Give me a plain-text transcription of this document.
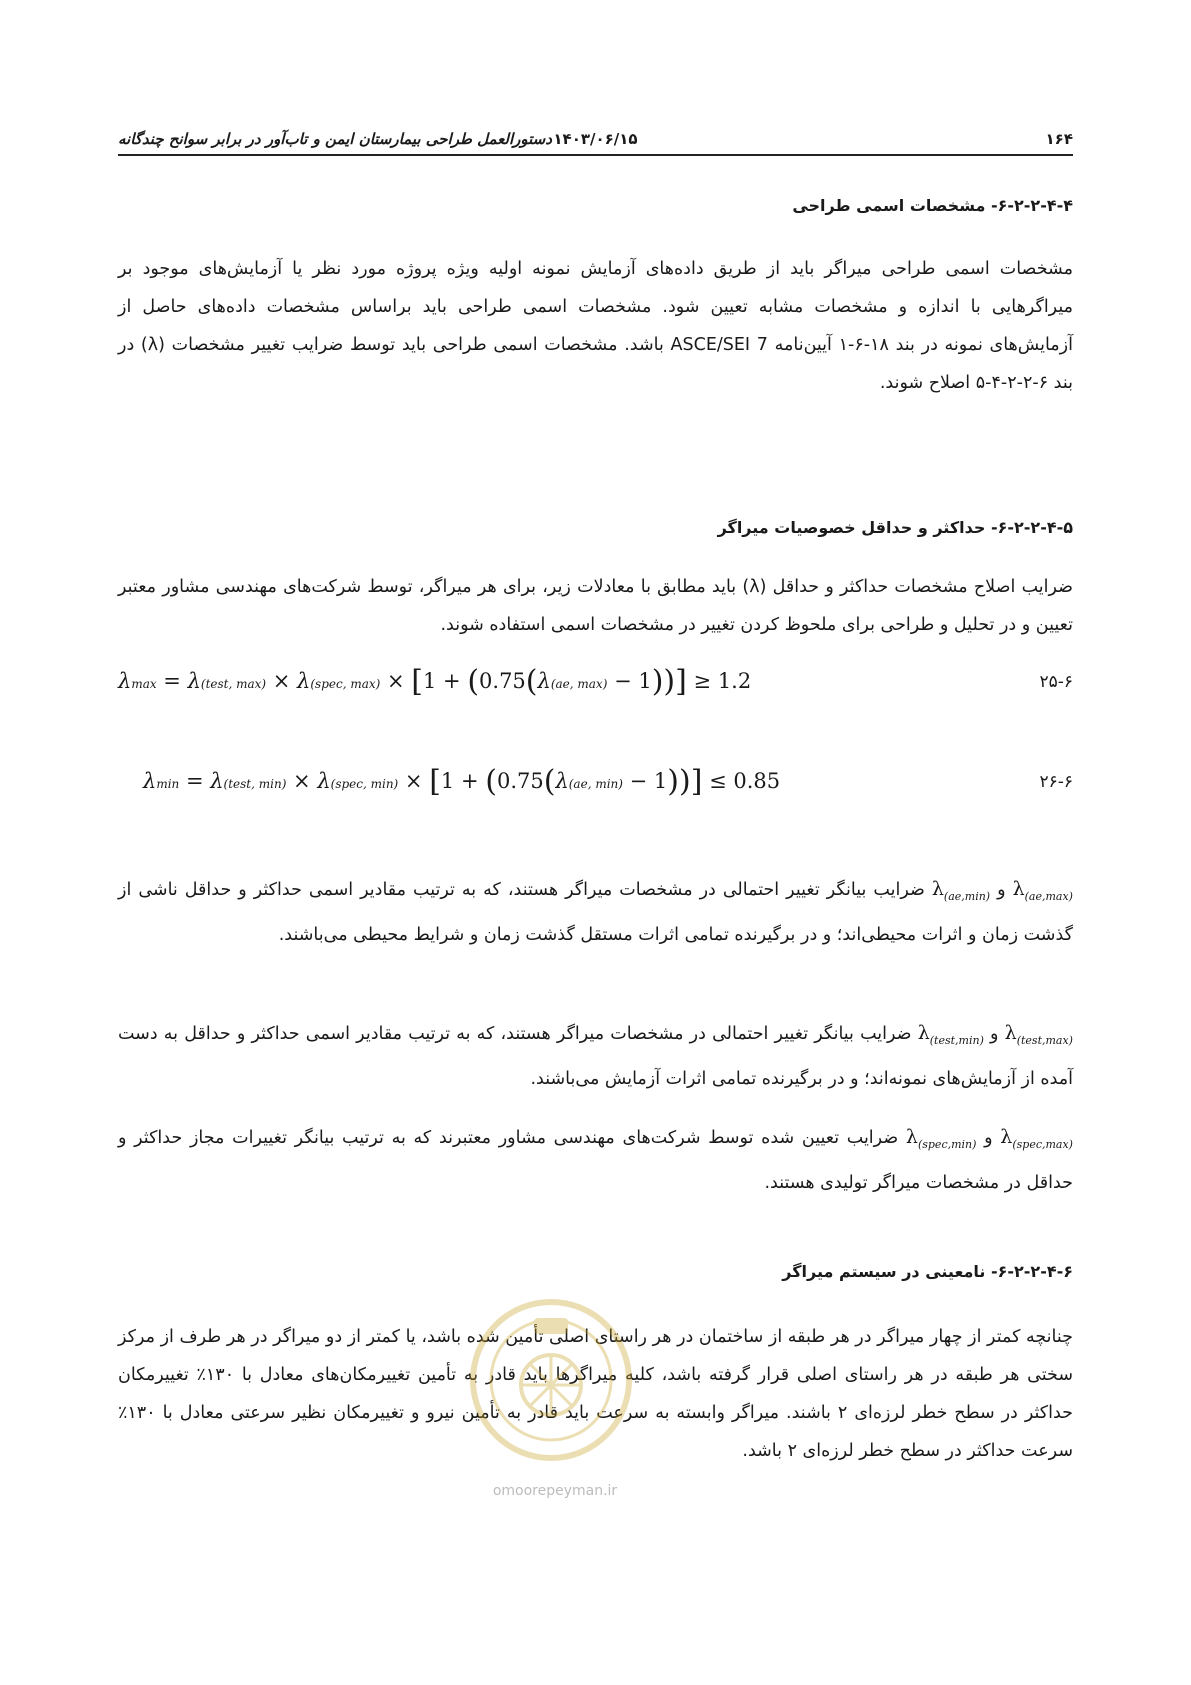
۱۶۴
۱۴۰۳/۰۶/۱۵
دستورالعمل طراحی بیمارستان ایمن و تاب‌آور در برابر سوانح چندگانه
۶-۲-۲-۴-۴- مشخصات اسمی طراحی
مشخصات اسمی طراحی میراگر باید از طریق داده‌های آزمایش نمونه اولیه ویژه پروژه مورد نظر یا آزمایش‌های موجود بر میراگرهایی با اندازه و مشخصات مشابه تعیین شود. مشخصات اسمی طراحی باید براساس مشخصات داده‌های حاصل از آزمایش‌های نمونه در بند ۱۸-۶-۱ آیین‌نامه ASCE/SEI 7 باشد. مشخصات اسمی طراحی باید توسط ضرایب تغییر مشخصات (λ) در بند ۶-۲-۲-۴-۵ اصلاح شوند.
۶-۲-۲-۴-۵- حداکثر و حداقل خصوصیات میراگر
ضرایب اصلاح مشخصات حداکثر و حداقل (λ) باید مطابق با معادلات زیر، برای هر میراگر، توسط شرکت‌های مهندسی مشاور معتبر تعیین و در تحلیل و طراحی برای ملحوظ کردن تغییر در مشخصات اسمی استفاده شوند.
λmax = λ(test, max) × λ(spec, max) × [1 + (0.75(λ(ae, max) − 1))] ≥ 1.2	۲۵-۶
λmin = λ(test, min) × λ(spec, min) × [1 + (0.75(λ(ae, min) − 1))] ≤ 0.85	۲۶-۶
$\lambda_{(ae,max)}$ و $\lambda_{(ae,min)}$ ضرایب بیانگر تغییر احتمالی در مشخصات میراگر هستند، که به ترتیب مقادیر اسمی حداکثر و حداقل ناشی از گذشت زمان و اثرات محیطی‌اند؛ و در برگیرنده تمامی اثرات مستقل گذشت زمان و شرایط محیطی می‌باشند.
$\lambda_{(test,max)}$ و $\lambda_{(test,min)}$ ضرایب بیانگر تغییر احتمالی در مشخصات میراگر هستند، که به ترتیب مقادیر اسمی حداکثر و حداقل به دست آمده از آزمایش‌های نمونه‌اند؛ و در برگیرنده تمامی اثرات آزمایش می‌باشند.
$\lambda_{(spec,max)}$ و $\lambda_{(spec,min)}$ ضرایب تعیین شده توسط شرکت‌های مهندسی مشاور معتبرند که به ترتیب بیانگر تغییرات مجاز حداکثر و حداقل در مشخصات میراگر تولیدی هستند.
۶-۲-۲-۴-۶- نامعینی در سیستم میراگر
چنانچه کمتر از چهار میراگر در هر طبقه از ساختمان در هر راستای اصلی تأمین شده باشد، یا کمتر از دو میراگر در هر طرف از مرکز سختی هر طبقه در هر راستای اصلی قرار گرفته باشد، کلیه میراگرها باید قادر به تأمین تغییرمکان‌های معادل با ۱۳۰٪ تغییرمکان حداکثر در سطح خطر لرزه‌ای ۲ باشند. میراگر وابسته به سرعت باید قادر به تأمین نیرو و تغییرمکان نظیر سرعتی معادل با ۱۳۰٪ سرعت حداکثر در سطح خطر لرزه‌ای ۲ باشد.
omoorepeyman.ir
